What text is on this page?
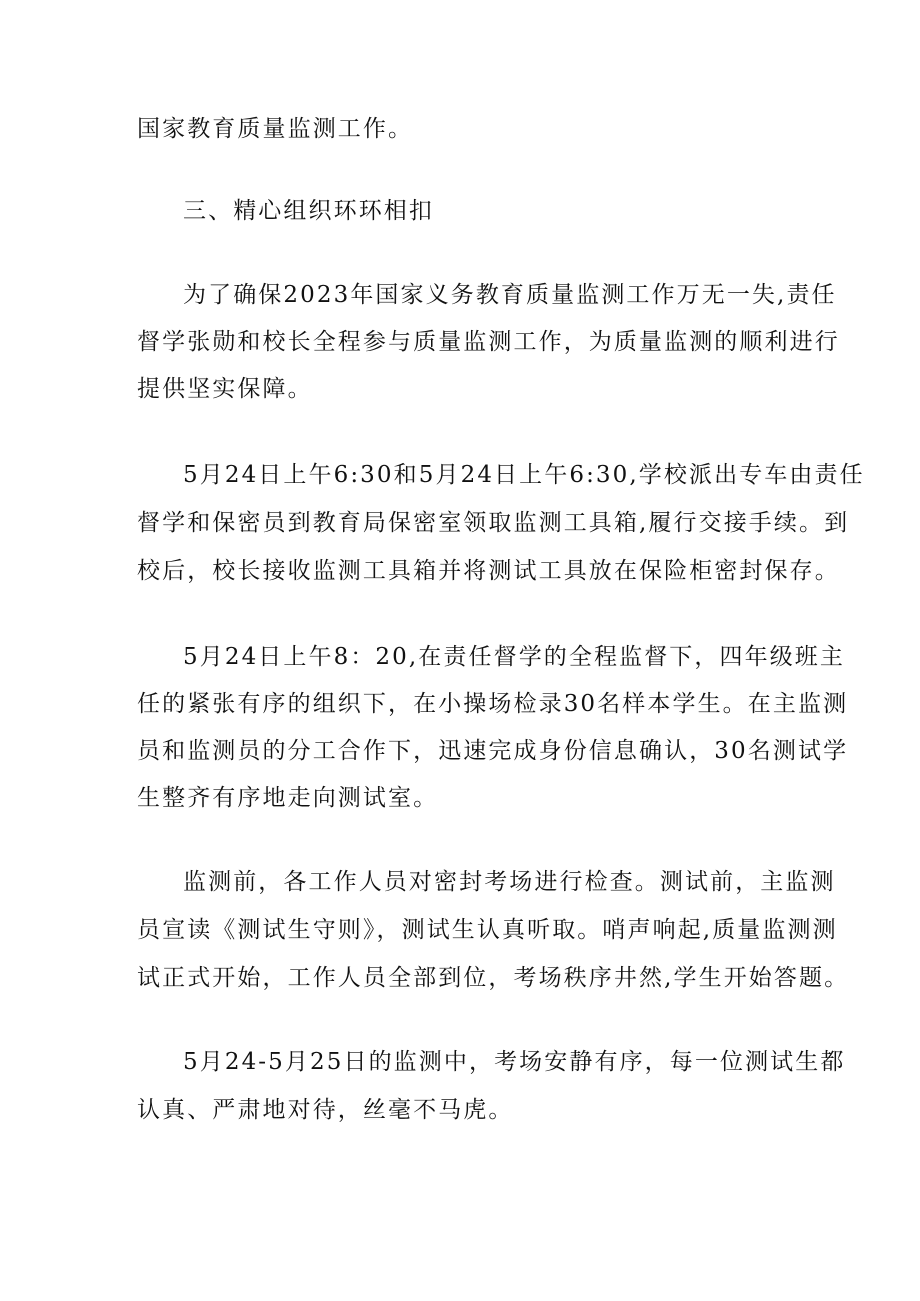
国家教育质量监测工作。

三、精心组织环环相扣

为了确保2023年国家义务教育质量监测工作万无一失,责任

督学张勋和校长全程参与质量监测工作，为质量监测的顺利进行

提供坚实保障。

5月24日上午6:30和5月24日上午6:30,学校派出专车由责任

督学和保密员到教育局保密室领取监测工具箱,履行交接手续。到

校后，校长接收监测工具箱并将测试工具放在保险柜密封保存。

5月24日上午8：20,在责任督学的全程监督下，四年级班主

任的紧张有序的组织下，在小操场检录30名样本学生。在主监测

员和监测员的分工合作下，迅速完成身份信息确认，30名测试学

生整齐有序地走向测试室。

监测前，各工作人员对密封考场进行检查。测试前，主监测

员宣读《测试生守则》，测试生认真听取。哨声响起,质量监测测

试正式开始，工作人员全部到位，考场秩序井然,学生开始答题。

5月24-5月25日的监测中，考场安静有序，每一位测试生都

认真、严肃地对待，丝毫不马虎。
